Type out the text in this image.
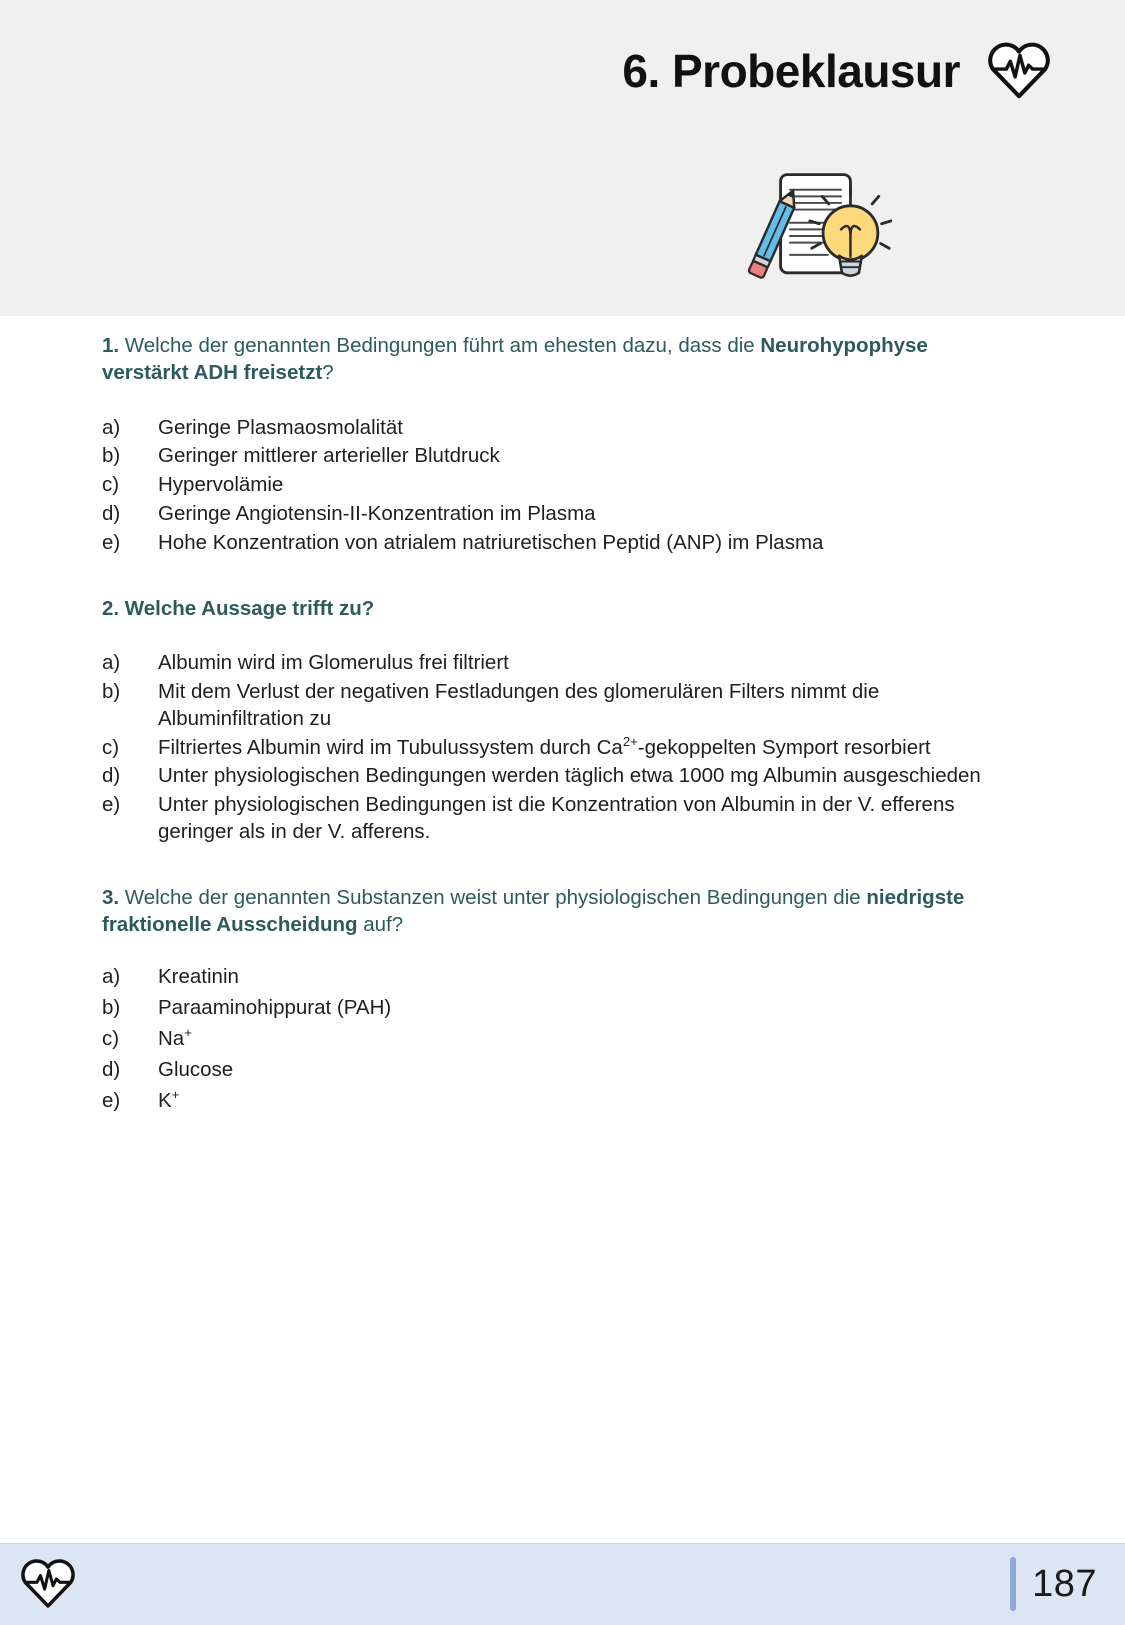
6. Probeklausur

1. Welche der genannten Bedingungen führt am ehesten dazu, dass die Neurohypophyse verstärkt ADH freisetzt?

a)	Geringe Plasmaosmolalität
b)	Geringer mittlerer arterieller Blutdruck
c)	Hypervolämie
d)	Geringe Angiotensin-II-Konzentration im Plasma
e)	Hohe Konzentration von atrialem natriuretischen Peptid (ANP) im Plasma

2. Welche Aussage trifft zu?

a)	Albumin wird im Glomerulus frei filtriert
b)	Mit dem Verlust der negativen Festladungen des glomerulären Filters nimmt die Albuminfiltration zu
c)	Filtriertes Albumin wird im Tubulussystem durch $Ca^{2+}$-gekoppelten Symport resorbiert
d)	Unter physiologischen Bedingungen werden täglich etwa 1000 mg Albumin ausgeschieden
e)	Unter physiologischen Bedingungen ist die Konzentration von Albumin in der V. efferens geringer als in der V. afferens.

3. Welche der genannten Substanzen weist unter physiologischen Bedingungen die niedrigste fraktionelle Ausscheidung auf?

a)	Kreatinin
b)	Paraaminohippurat (PAH)
c)	Na+
d)	Glucose
e)	K+
187
